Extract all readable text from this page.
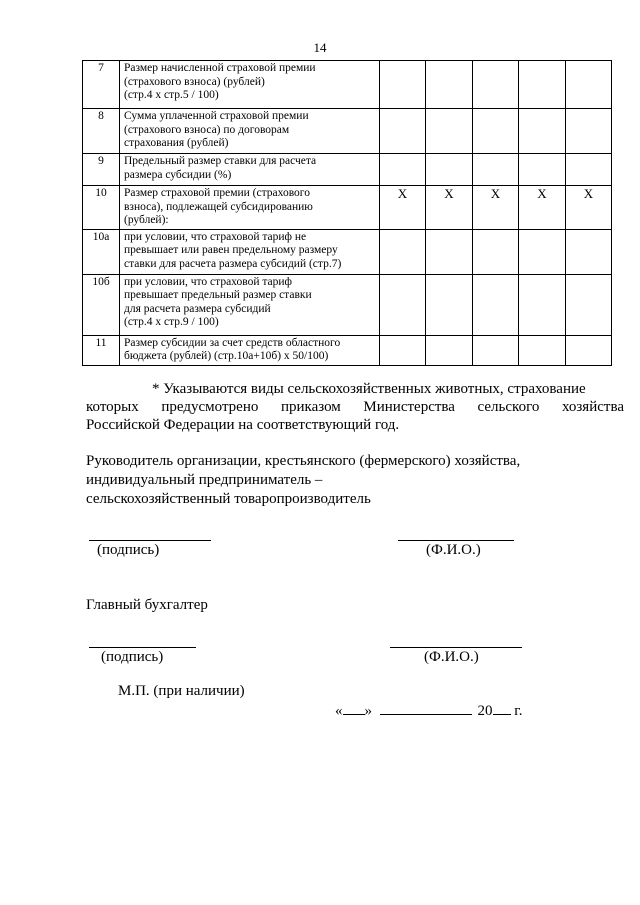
14
7	Размер начисленной страховой премии
(страхового взноса) (рублей)
(стр.4 х стр.5 / 100)					
8	Сумма уплаченной страховой премии
(страхового взноса) по договорам
страхования (рублей)					
9	Предельный размер ставки для расчета
размера субсидии (%)					
10	Размер страховой премии (страхового
взноса), подлежащей субсидированию
(рублей):	X	X	X	X	X
10а	при условии, что страховой тариф не
превышает или равен предельному размеру
ставки для расчета размера субсидий (стр.7)					
10б	при условии, что страховой тариф
превышает предельный размер ставки
для расчета размера субсидий
(стр.4 х стр.9 / 100)					
11	Размер субсидии за счет средств областного
бюджета (рублей) (стр.10а+10б) х 50/100)					
* Указываются виды сельскохозяйственных животных, страхование
которых предусмотрено приказом Министерства сельского хозяйства
Российской Федерации на соответствующий год.
Руководитель организации, крестьянского (фермерского) хозяйства,
индивидуальный предприниматель –
сельскохозяйственный товаропроизводитель
(подпись)	(Ф.И.О.)
Главный бухгалтер
(подпись)	(Ф.И.О.)
М.П. (при наличии)
« »	20 г.
